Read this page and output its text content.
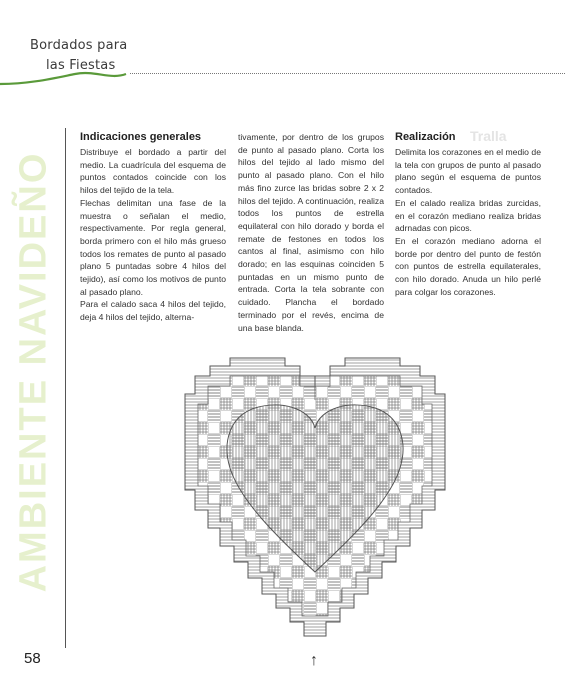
Bordados para
las Fiestas
AMBIENTE NAVIDEÑO
Tralla
Indicaciones generales

Distribuye el bordado a partir del medio. La cuadrícula del esquema de puntos contados coincide con los hilos del tejido de la tela.

Flechas delimitan una fase de la muestra o señalan el medio, respectivamente. Por regla general, borda primero con el hilo más grueso todos los remates de punto al pasado plano 5 puntadas sobre 4 hilos del tejido), así como los motivos de punto al pasado plano.

Para el calado saca 4 hilos del tejido, deja 4 hilos del tejido, alterna-

tivamente, por dentro de los grupos de punto al pasado plano. Corta los hilos del tejido al lado mismo del punto al pasado plano. Con el hilo más fino zurce las bridas sobre 2 x 2 hilos del tejido. A continuación, realiza todos los puntos de estrella equilateral con hilo dorado y borda el remate de festones en todos los cantos al final, asimismo con hilo dorado; en las esquinas coinciden 5 puntadas en un mismo punto de entrada. Corta la tela sobrante con cuidado. Plancha el bordado terminado por el revés, encima de una base blanda.

Realización

Delimita los corazones en el medio de la tela con grupos de punto al pasado plano según el esquema de puntos contados.

En el calado realiza bridas zurcidas, en el corazón mediano realiza bridas adrnadas con picos.

En el corazón mediano adorna el borde por dentro del punto de festón con puntos de estrella equilaterales, con hilo dorado. Anuda un hilo perlé para colgar los corazones.

↑
58
